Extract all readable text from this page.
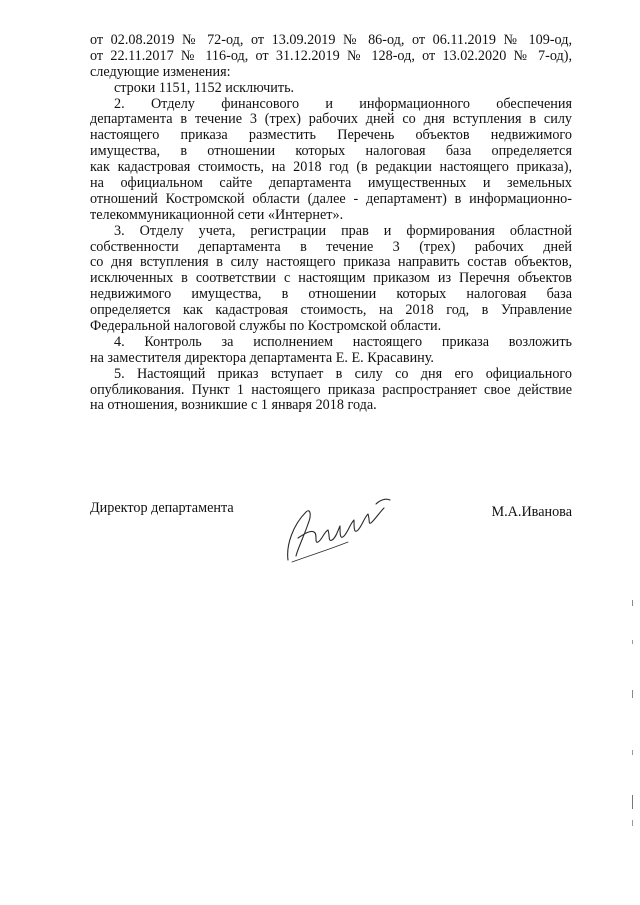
от 02.08.2019 № 72-од, от 13.09.2019 № 86-од, от 06.11.2019 № 109-од,
от 22.11.2017 № 116-од, от 31.12.2019 № 128-од, от 13.02.2020 № 7-од),
следующие изменения:
строки 1151, 1152 исключить.
2. Отделу финансового и информационного обеспечения
департамента в течение 3 (трех) рабочих дней со дня вступления в силу
настоящего приказа разместить Перечень объектов недвижимого
имущества, в отношении которых налоговая база определяется
как кадастровая стоимость, на 2018 год (в редакции настоящего приказа),
на официальном сайте департамента имущественных и земельных
отношений Костромской области (далее - департамент) в информационно-
телекоммуникационной сети «Интернет».
3. Отделу учета, регистрации прав и формирования областной
собственности департамента в течение 3 (трех) рабочих дней
со дня вступления в силу настоящего приказа направить состав объектов,
исключенных в соответствии с настоящим приказом из Перечня объектов
недвижимого имущества, в отношении которых налоговая база
определяется как кадастровая стоимость, на 2018 год, в Управление
Федеральной налоговой службы по Костромской области.
4. Контроль за исполнением настоящего приказа возложить
на заместителя директора департамента Е. Е. Красавину.
5. Настоящий приказ вступает в силу со дня его официального
опубликования. Пункт 1 настоящего приказа распространяет свое действие
на отношения, возникшие с 1 января 2018 года.
Директор департамента	М.А.Иванова
